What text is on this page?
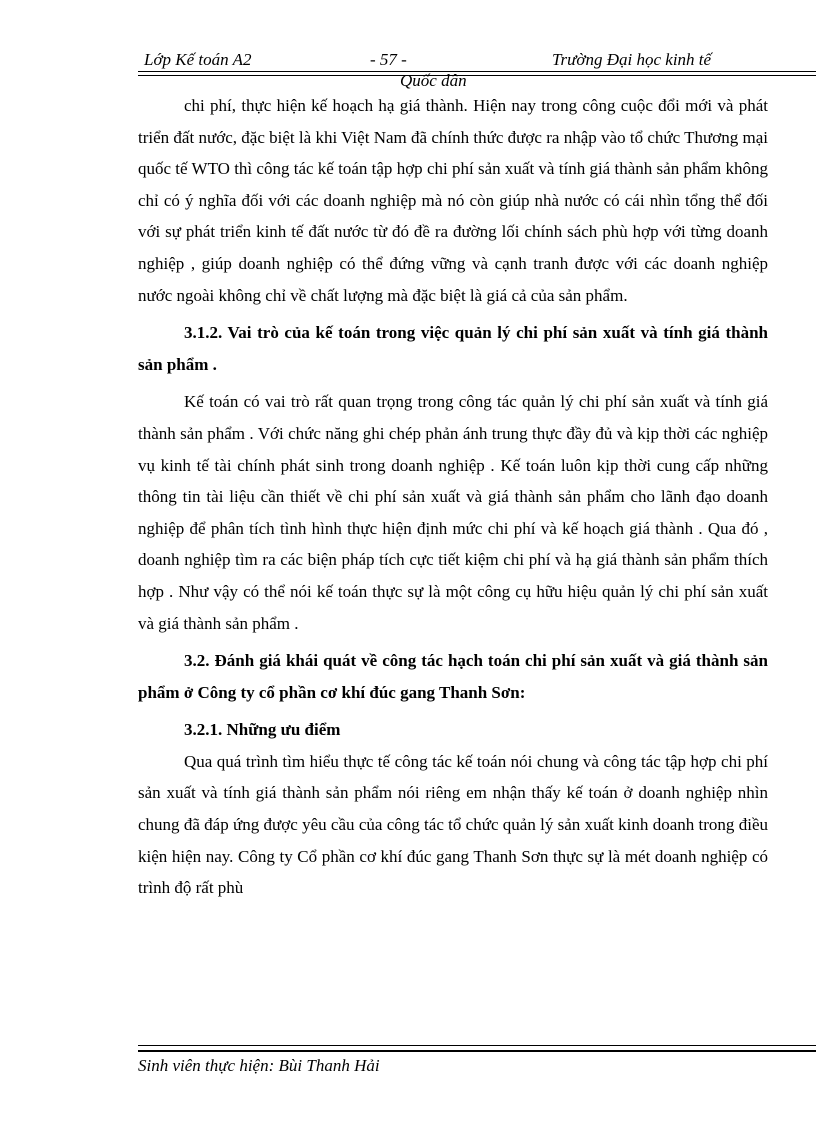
Lớp Kế toán A2	- 57 -	Trường Đại học kinh tế
Quốc dân

chi phí, thực hiện kế hoạch hạ giá thành. Hiện nay trong công cuộc đổi mới và phát triển đất nước, đặc biệt là khi Việt Nam đã chính thức được ra nhập vào tổ chức Thương mại quốc tế WTO thì công tác kế toán tập hợp chi phí sản xuất và tính giá thành sản phẩm không chỉ có ý nghĩa đối với các doanh nghiệp mà nó còn giúp nhà nước có cái nhìn tổng thể đối với sự phát triển kinh tế đất nước từ đó đề ra đường lối chính sách phù hợp với từng doanh nghiệp , giúp doanh nghiệp có thể đứng vững và cạnh tranh được với các doanh nghiệp nước ngoài không chỉ về chất lượng mà đặc biệt là giá cả của sản phẩm.

3.1.2. Vai trò của kế toán trong việc quản lý chi phí sản xuất và tính giá thành sản phẩm .

Kế toán có vai trò rất quan trọng trong công tác quản lý chi phí sản xuất và tính giá thành sản phẩm . Với chức năng ghi chép phản ánh trung thực đầy đủ và kịp thời các nghiệp vụ kinh tế tài chính phát sinh trong doanh nghiệp . Kế toán luôn kịp thời cung cấp những thông tin tài liệu cần thiết về chi phí sản xuất và giá thành sản phẩm cho lãnh đạo doanh nghiệp để phân tích tình hình thực hiện định mức chi phí và kế hoạch giá thành . Qua đó , doanh nghiệp tìm ra các biện pháp tích cực tiết kiệm chi phí và hạ giá thành sản phẩm thích hợp . Như vậy có thể nói kế toán thực sự là một công cụ hữu hiệu quản lý chi phí sản xuất và giá thành sản phẩm .

3.2. Đánh giá khái quát về công tác hạch toán chi phí sản xuất và giá thành sản phẩm ở Công ty cổ phần cơ khí đúc gang Thanh Sơn:
3.2.1. Những ưu điểm

Qua quá trình tìm hiểu thực tế công tác kế toán nói chung và công tác tập hợp chi phí sản xuất và tính giá thành sản phẩm nói riêng em nhận thấy kế toán ở doanh nghiệp nhìn chung đã đáp ứng được yêu cầu của công tác tổ chức quản lý sản xuất kinh doanh trong điều kiện hiện nay. Công ty Cổ phần cơ khí đúc gang Thanh Sơn thực sự là mét doanh nghiệp có trình độ rất phù

Sinh viên thực hiện: Bùi Thanh Hải
